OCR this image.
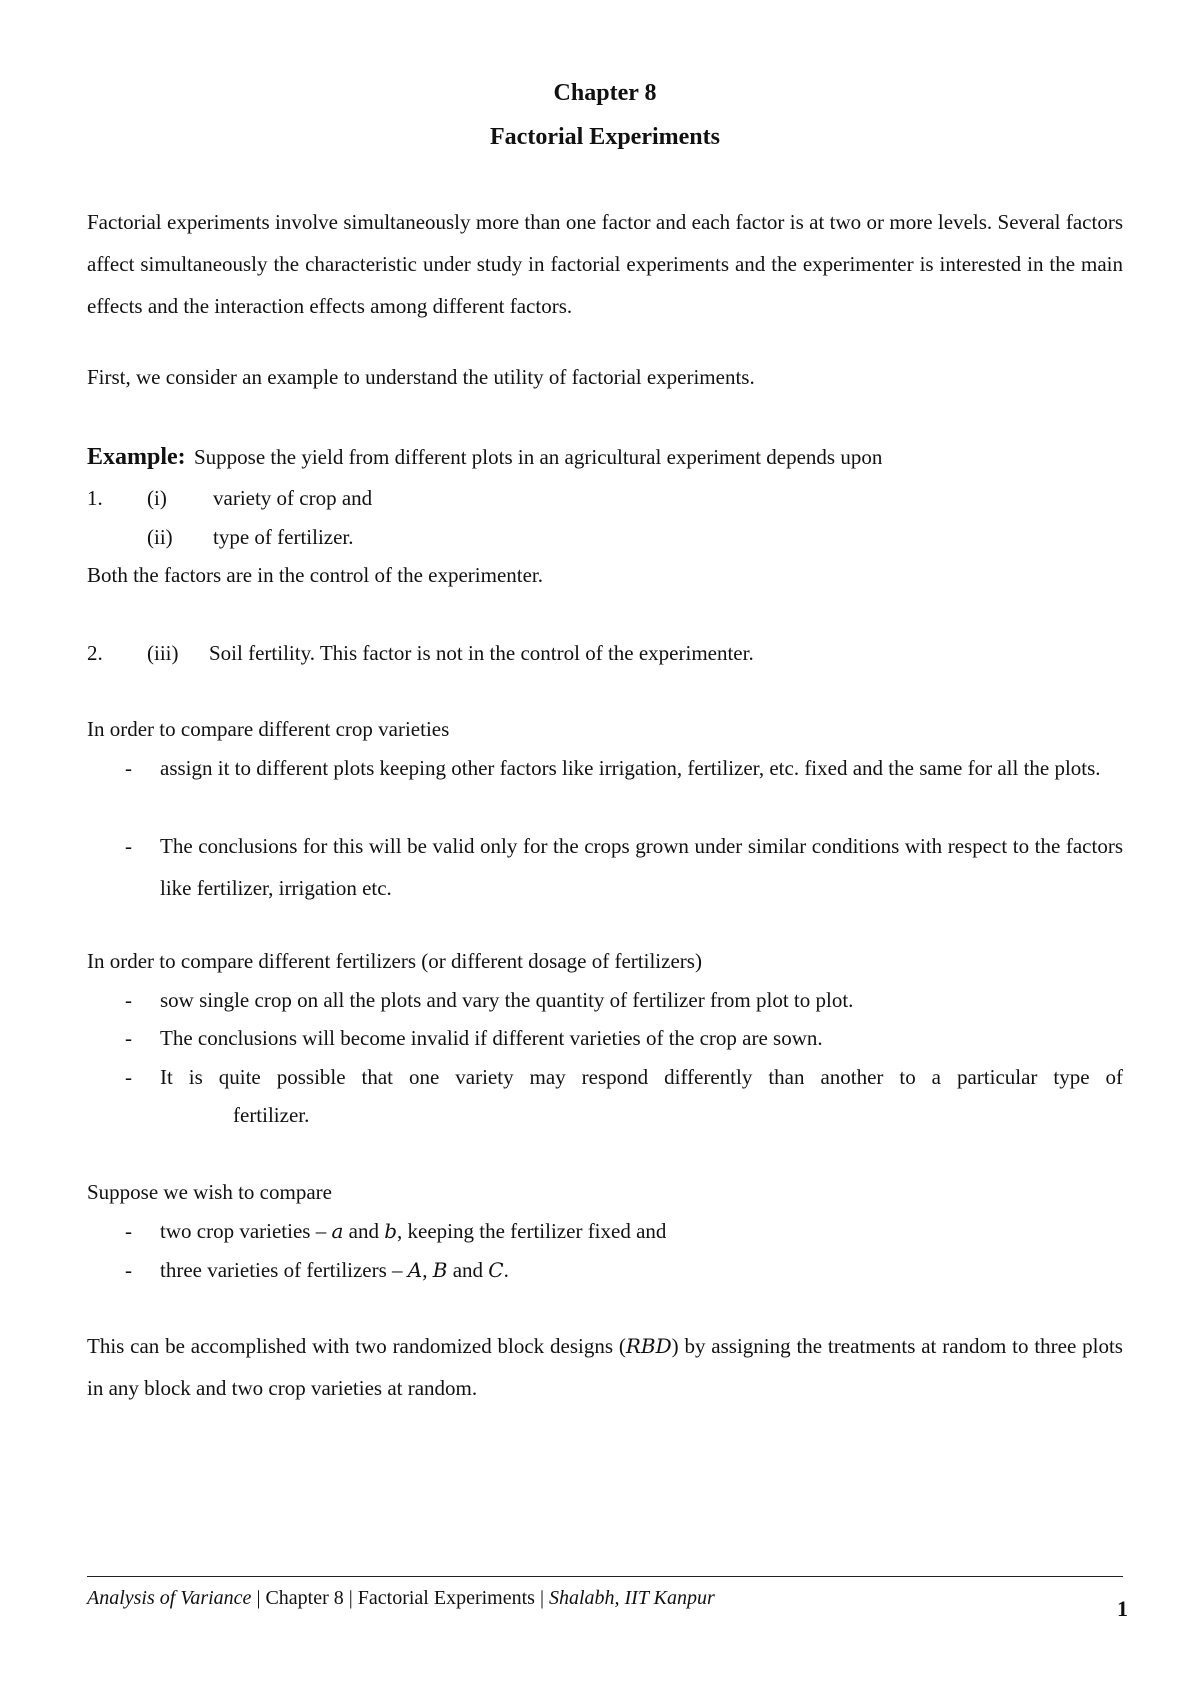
Chapter 8
Factorial Experiments

Factorial experiments involve simultaneously more than one factor and each factor is at two or more levels. Several factors affect simultaneously the characteristic under study in factorial experiments and the experimenter is interested in the main effects and the interaction effects among different factors.

First, we consider an example to understand the utility of factorial experiments.

Example: Suppose the yield from different plots in an agricultural experiment depends upon
1. (i) variety of crop and
(ii) type of fertilizer.
Both the factors are in the control of the experimenter.
2. (iii) Soil fertility. This factor is not in the control of the experimenter.

In order to compare different crop varieties

- assign it to different plots keeping other factors like irrigation, fertilizer, etc. fixed and the same for all the plots.

- The conclusions for this will be valid only for the crops grown under similar conditions with respect to the factors like fertilizer, irrigation etc.

In order to compare different fertilizers (or different dosage of fertilizers)

- sow single crop on all the plots and vary the quantity of fertilizer from plot to plot.
- The conclusions will become invalid if different varieties of the crop are sown.
- It is quite possible that one variety may respond differently than another to a particular type of

fertilizer.

Suppose we wish to compare

- two crop varieties – a and b, keeping the fertilizer fixed and
- three varieties of fertilizers – A, B and C.

This can be accomplished with two randomized block designs (RBD) by assigning the treatments at random to three plots in any block and two crop varieties at random.

Analysis of Variance | Chapter 8 | Factorial Experiments | Shalabh, IIT Kanpur	1
